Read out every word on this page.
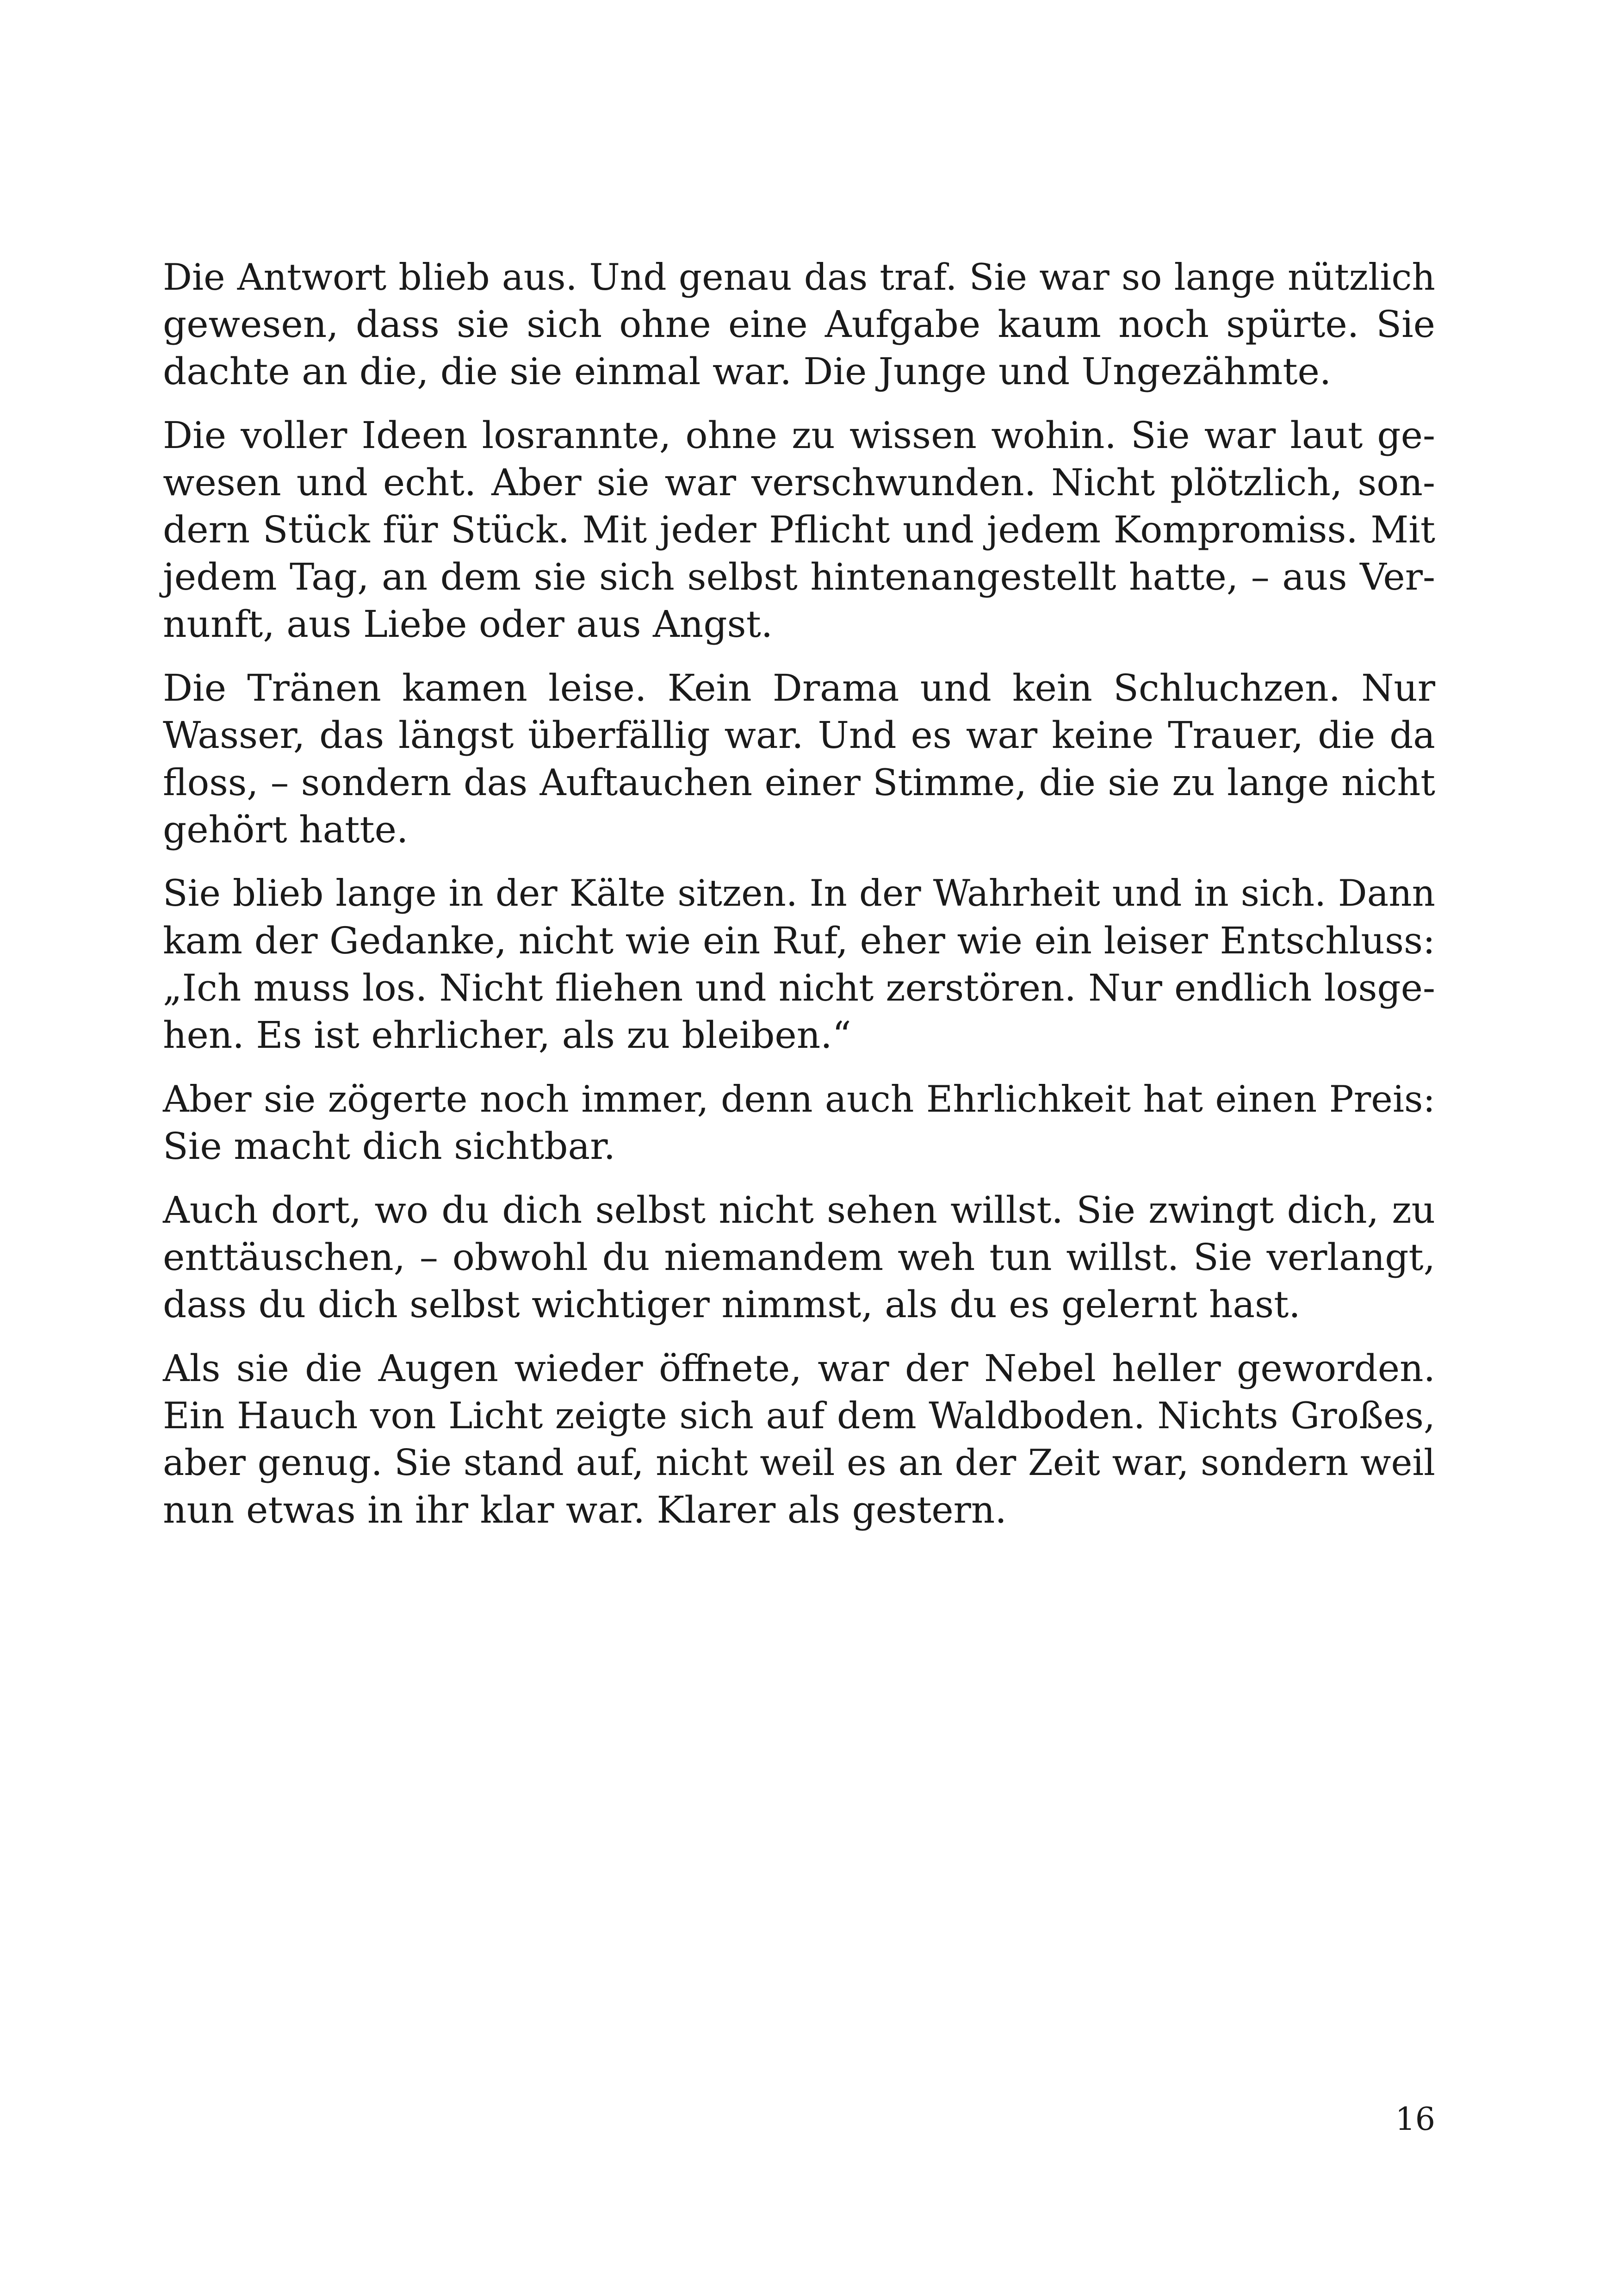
Die Antwort blieb aus. Und genau das traf. Sie war so lange nützlich
gewesen, dass sie sich ohne eine Aufgabe kaum noch spürte. Sie
dachte an die, die sie einmal war. Die Junge und Ungezähmte.

Die voller Ideen losrannte, ohne zu wissen wohin. Sie war laut ge-
wesen und echt. Aber sie war verschwunden. Nicht plötzlich, son-
dern Stück für Stück. Mit jeder Pflicht und jedem Kompromiss. Mit
jedem Tag, an dem sie sich selbst hintenangestellt hatte, – aus Ver-
nunft, aus Liebe oder aus Angst.

Die Tränen kamen leise. Kein Drama und kein Schluchzen. Nur
Wasser, das längst überfällig war. Und es war keine Trauer, die da
floss, – sondern das Auftauchen einer Stimme, die sie zu lange nicht
gehört hatte.

Sie blieb lange in der Kälte sitzen. In der Wahrheit und in sich. Dann
kam der Gedanke, nicht wie ein Ruf, eher wie ein leiser Entschluss:
„Ich muss los. Nicht fliehen und nicht zerstören. Nur endlich losge-
hen. Es ist ehrlicher, als zu bleiben.“

Aber sie zögerte noch immer, denn auch Ehrlichkeit hat einen Preis:
Sie macht dich sichtbar.

Auch dort, wo du dich selbst nicht sehen willst. Sie zwingt dich, zu
enttäuschen, – obwohl du niemandem weh tun willst. Sie verlangt,
dass du dich selbst wichtiger nimmst, als du es gelernt hast.

Als sie die Augen wieder öffnete, war der Nebel heller geworden.
Ein Hauch von Licht zeigte sich auf dem Waldboden. Nichts Großes,
aber genug. Sie stand auf, nicht weil es an der Zeit war, sondern weil
nun etwas in ihr klar war. Klarer als gestern.

16
